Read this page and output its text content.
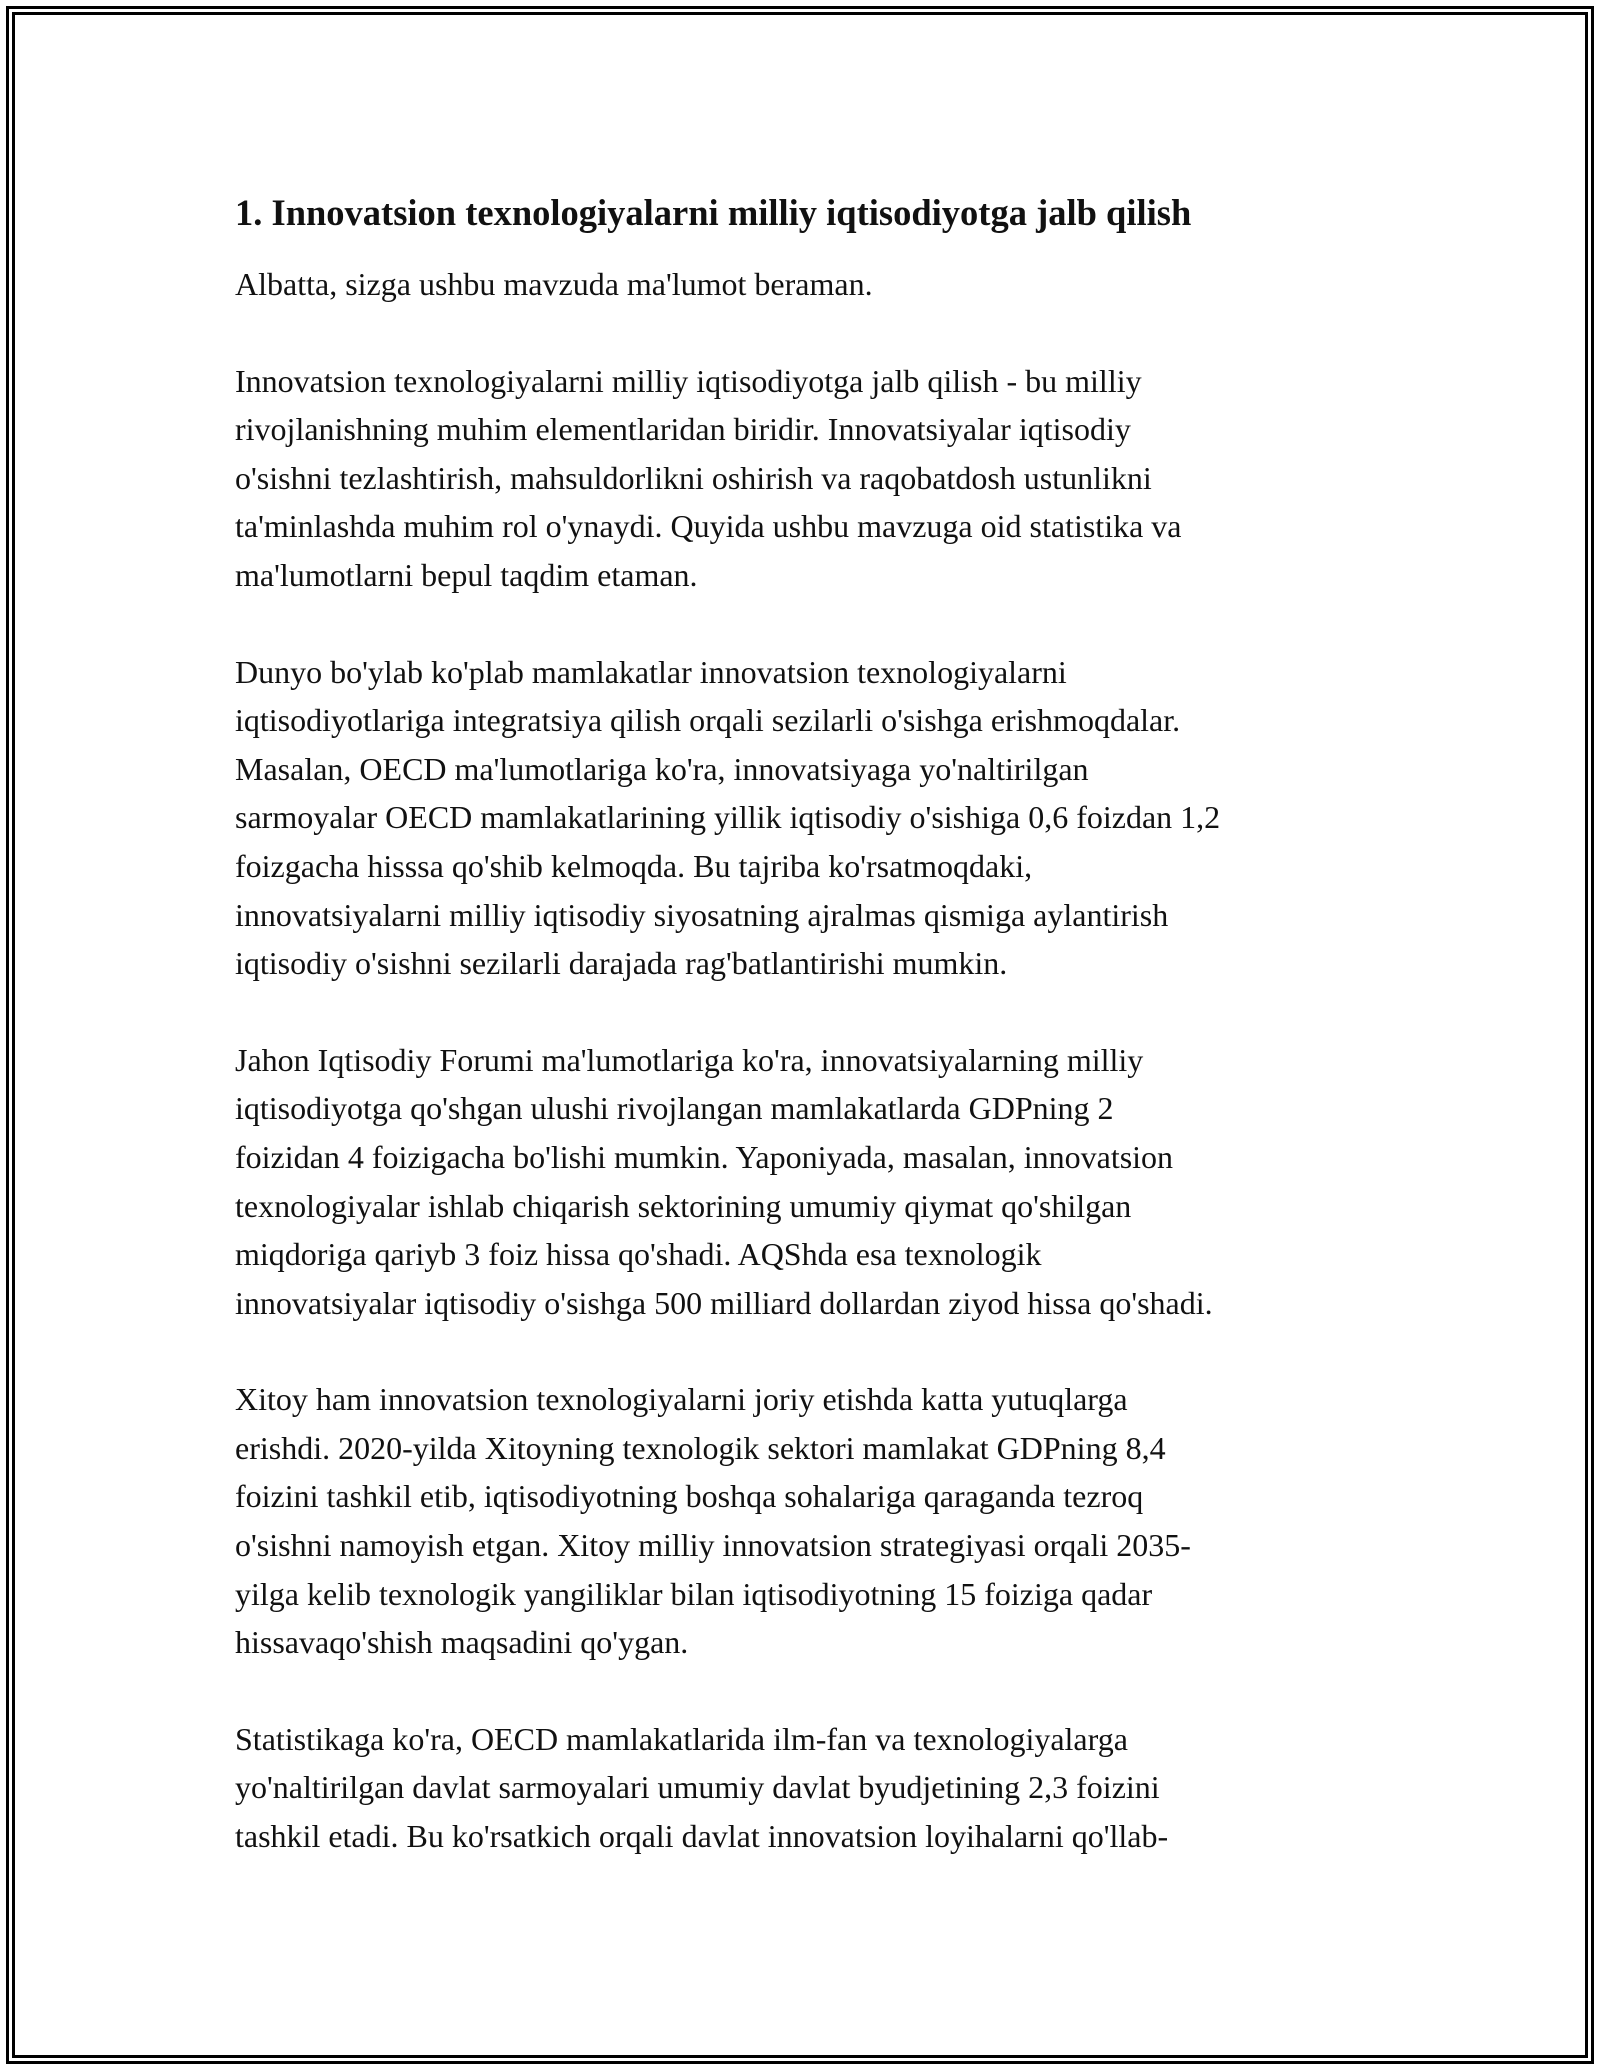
1. Innovatsion texnologiyalarni milliy iqtisodiyotga jalb qilish

Albatta, sizga ushbu mavzuda ma'lumot beraman.

Innovatsion texnologiyalarni milliy iqtisodiyotga jalb qilish - bu milliy
rivojlanishning muhim elementlaridan biridir. Innovatsiyalar iqtisodiy
o'sishni tezlashtirish, mahsuldorlikni oshirish va raqobatdosh ustunlikni
ta'minlashda muhim rol o'ynaydi. Quyida ushbu mavzuga oid statistika va
ma'lumotlarni bepul taqdim etaman.

Dunyo bo'ylab ko'plab mamlakatlar innovatsion texnologiyalarni
iqtisodiyotlariga integratsiya qilish orqali sezilarli o'sishga erishmoqdalar.
Masalan, OECD ma'lumotlariga ko'ra, innovatsiyaga yo'naltirilgan
sarmoyalar OECD mamlakatlarining yillik iqtisodiy o'sishiga 0,6 foizdan 1,2
foizgacha hisssa qo'shib kelmoqda. Bu tajriba ko'rsatmoqdaki,
innovatsiyalarni milliy iqtisodiy siyosatning ajralmas qismiga aylantirish
iqtisodiy o'sishni sezilarli darajada rag'batlantirishi mumkin.

Jahon Iqtisodiy Forumi ma'lumotlariga ko'ra, innovatsiyalarning milliy
iqtisodiyotga qo'shgan ulushi rivojlangan mamlakatlarda GDPning 2
foizidan 4 foizigacha bo'lishi mumkin. Yaponiyada, masalan, innovatsion
texnologiyalar ishlab chiqarish sektorining umumiy qiymat qo'shilgan
miqdoriga qariyb 3 foiz hissa qo'shadi. AQShda esa texnologik
innovatsiyalar iqtisodiy o'sishga 500 milliard dollardan ziyod hissa qo'shadi.

Xitoy ham innovatsion texnologiyalarni joriy etishda katta yutuqlarga
erishdi. 2020-yilda Xitoyning texnologik sektori mamlakat GDPning 8,4
foizini tashkil etib, iqtisodiyotning boshqa sohalariga qaraganda tezroq
o'sishni namoyish etgan. Xitoy milliy innovatsion strategiyasi orqali 2035-
yilga kelib texnologik yangiliklar bilan iqtisodiyotning 15 foiziga qadar
hissavaqo'shish maqsadini qo'ygan.

Statistikaga ko'ra, OECD mamlakatlarida ilm-fan va texnologiyalarga
yo'naltirilgan davlat sarmoyalari umumiy davlat byudjetining 2,3 foizini
tashkil etadi. Bu ko'rsatkich orqali davlat innovatsion loyihalarni qo'llab-
